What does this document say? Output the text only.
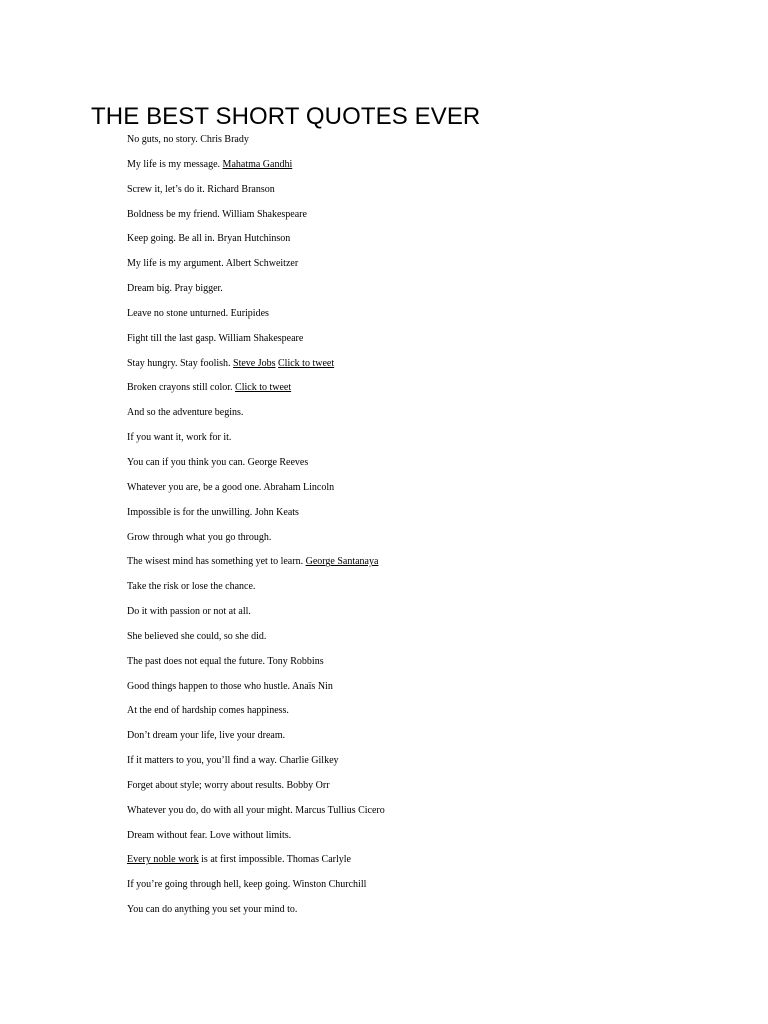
THE BEST SHORT QUOTES EVER
No guts, no story. Chris Brady
My life is my message. Mahatma Gandhi
Screw it, let’s do it. Richard Branson
Boldness be my friend. William Shakespeare
Keep going. Be all in. Bryan Hutchinson
My life is my argument. Albert Schweitzer
Dream big. Pray bigger.
Leave no stone unturned. Euripides
Fight till the last gasp. William Shakespeare
Stay hungry. Stay foolish. Steve Jobs Click to tweet
Broken crayons still color. Click to tweet
And so the adventure begins.
If you want it, work for it.
You can if you think you can. George Reeves
Whatever you are, be a good one. Abraham Lincoln
Impossible is for the unwilling. John Keats
Grow through what you go through.
The wisest mind has something yet to learn. George Santanaya
Take the risk or lose the chance.
Do it with passion or not at all.
She believed she could, so she did.
The past does not equal the future. Tony Robbins
Good things happen to those who hustle. Anaïs Nin
At the end of hardship comes happiness.
Don’t dream your life, live your dream.
If it matters to you, you’ll find a way. Charlie Gilkey
Forget about style; worry about results. Bobby Orr
Whatever you do, do with all your might. Marcus Tullius Cicero
Dream without fear. Love without limits.
Every noble work is at first impossible. Thomas Carlyle
If you’re going through hell, keep going. Winston Churchill
You can do anything you set your mind to.
